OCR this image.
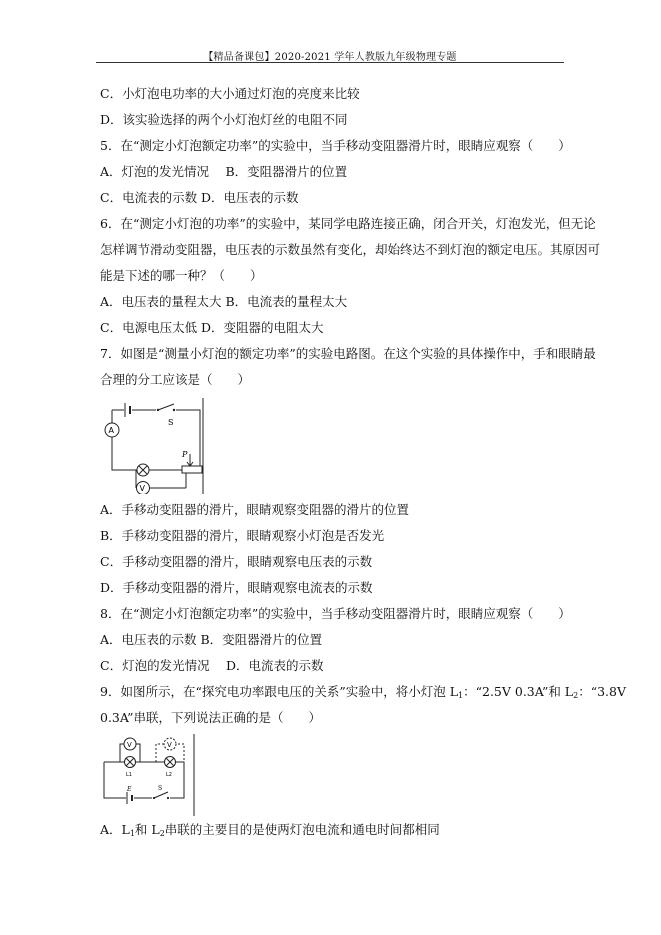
【精品备课包】2020-2021 学年人教版九年级物理专题
C．小灯泡电功率的大小通过灯泡的亮度来比较
D．该实验选择的两个小灯泡灯丝的电阻不同
5．在“测定小灯泡额定功率”的实验中，当手移动变阻器滑片时，眼睛应观察（　　）
A．灯泡的发光情况　 B．变阻器滑片的位置
C．电流表的示数 D．电压表的示数
6．在“测定小灯泡的功率”的实验中，某同学电路连接正确，闭合开关，灯泡发光，但无论
怎样调节滑动变阻器，电压表的示数虽然有变化，却始终达不到灯泡的额定电压。其原因可
能是下述的哪一种？（　　）
A．电压表的量程太大 B．电流表的量程太大
C．电源电压太低 D．变阻器的电阻太大
7．如图是“测量小灯泡的额定功率”的实验电路图。在这个实验的具体操作中，手和眼睛最
合理的分工应该是（　　）
S
A
V
P
A．手移动变阻器的滑片，眼睛观察变阻器的滑片的位置
B．手移动变阻器的滑片，眼睛观察小灯泡是否发光
C．手移动变阻器的滑片，眼睛观察电压表的示数
D．手移动变阻器的滑片，眼睛观察电流表的示数
8．在“测定小灯泡额定功率”的实验中，当手移动变阻器滑片时，眼睛应观察（　　）
A．电压表的示数 B．变阻器滑片的位置
C．灯泡的发光情况　 D．电流表的示数
9．如图所示，在“探究电功率跟电压的关系”实验中，将小灯泡 $L_1$：“2.5V 0.3A”和 $L_2$：“3.8V
0.3A”串联，下列说法正确的是（　　）
V	V
L1	L2
E	S
A．$L_1$和 $L_2$串联的主要目的是使两灯泡电流和通电时间都相同
